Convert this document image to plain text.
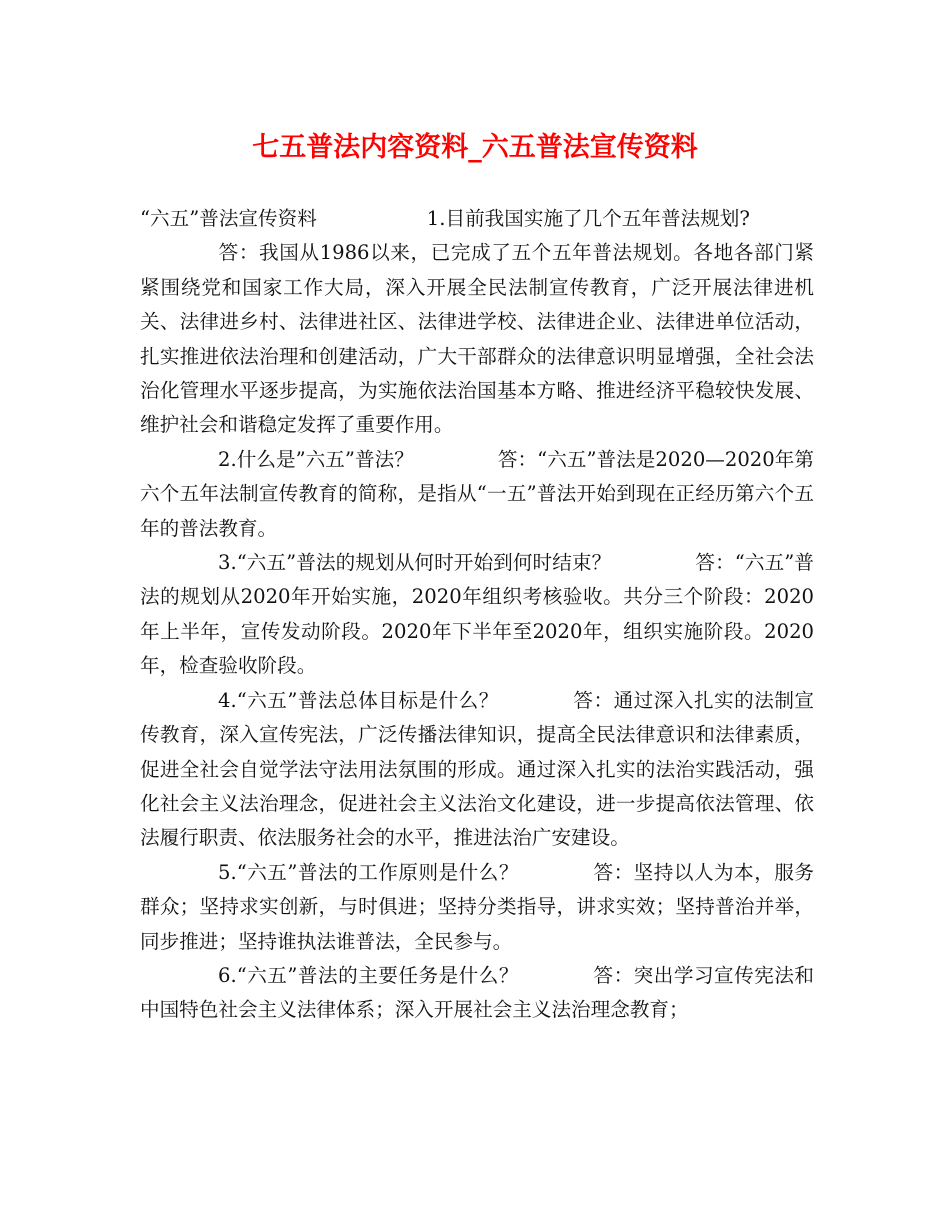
七五普法内容资料_六五普法宣传资料

“六五”普法宣传资料	1.目前我国实施了几个五年普法规划?
答：我国从1986以来，已完成了五个五年普法规划。各地各部门紧紧围绕党和国家工作大局，深入开展全民法制宣传教育，广泛开展法律进机关、法律进乡村、法律进社区、法律进学校、法律进企业、法律进单位活动，扎实推进依法治理和创建活动，广大干部群众的法律意识明显增强，全社会法治化管理水平逐步提高，为实施依法治国基本方略、推进经济平稳较快发展、维护社会和谐稳定发挥了重要作用。

2.什么是”六五”普法？	答：“六五”普法是2020—2020年第六个五年法制宣传教育的简称，是指从“一五”普法开始到现在正经历第六个五年的普法教育。

3.“六五”普法的规划从何时开始到何时结束？	答：“六五”普法的规划从2020年开始实施，2020年组织考核验收。共分三个阶段：2020年上半年，宣传发动阶段。2020年下半年至2020年，组织实施阶段。2020年，检查验收阶段。

4.“六五”普法总体目标是什么？	答：通过深入扎实的法制宣传教育，深入宣传宪法，广泛传播法律知识，提高全民法律意识和法律素质，促进全社会自觉学法守法用法氛围的形成。通过深入扎实的法治实践活动，强化社会主义法治理念，促进社会主义法治文化建设，进一步提高依法管理、依法履行职责、依法服务社会的水平，推进法治广安建设。

5.“六五”普法的工作原则是什么？	答：坚持以人为本，服务群众；坚持求实创新，与时俱进；坚持分类指导，讲求实效；坚持普治并举，同步推进；坚持谁执法谁普法，全民参与。

6.“六五”普法的主要任务是什么？	答：突出学习宣传宪法和中国特色社会主义法律体系；深入开展社会主义法治理念教育；
